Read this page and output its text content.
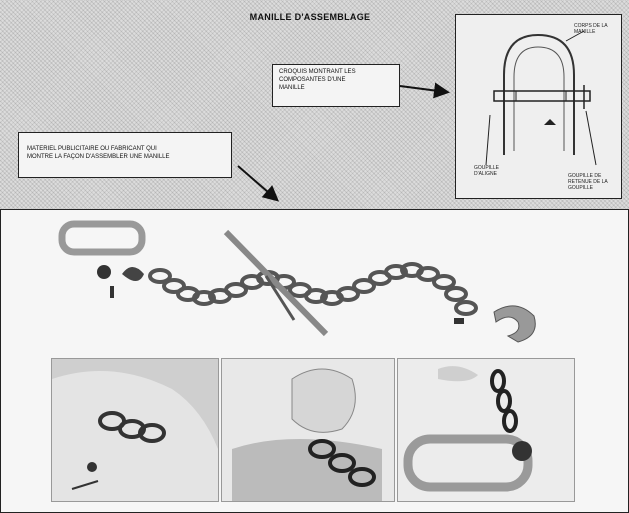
MANILLE D'ASSEMBLAGE
CROQUIS MONTRANT LES
COMPOSANTES D'UNE
MANILLE
MATERIEL PUBLICITAIRE OU FABRICANT QUI
MONTRE LA FAÇON D'ASSEMBLER UNE MANILLE
CORPS DE LA
MANILLE
GOUPILLE
D'ALIGNE	GOUPILLE DE
RETENUE DE LA
GOUPILLE
